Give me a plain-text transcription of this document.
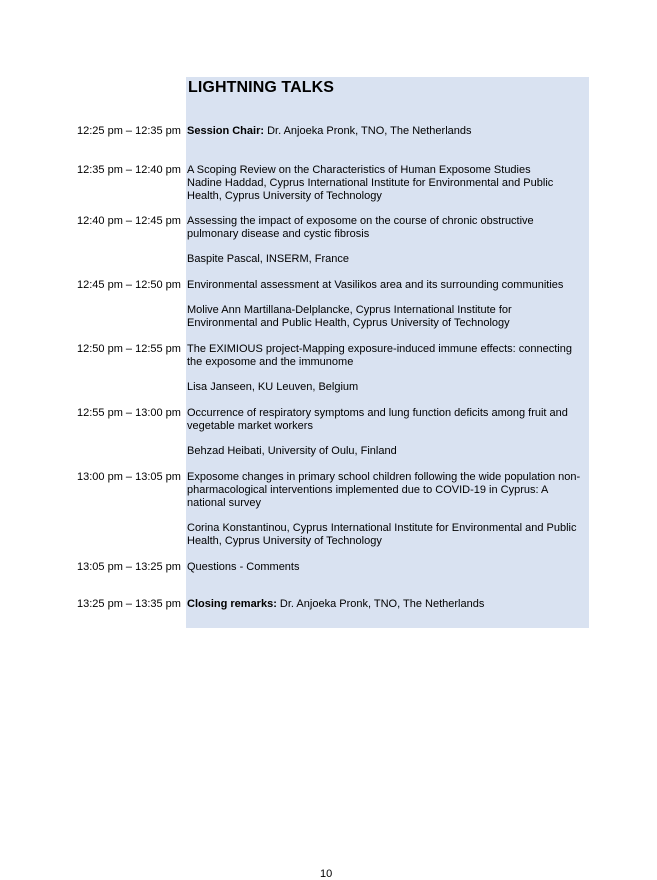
LIGHTNING TALKS
12:25 pm – 12:35 pm Session Chair: Dr. Anjoeka Pronk, TNO, The Netherlands
12:35 pm – 12:40 pm A Scoping Review on the Characteristics of Human Exposome Studies
Nadine Haddad, Cyprus International Institute for Environmental and Public
Health, Cyprus University of Technology
12:40 pm – 12:45 pm Assessing the impact of exposome on the course of chronic obstructive
pulmonary disease and cystic fibrosis
Baspite Pascal, INSERM, France
12:45 pm – 12:50 pm Environmental assessment at Vasilikos area and its surrounding communities
Molive Ann Martillana-Delplancke, Cyprus International Institute for
Environmental and Public Health, Cyprus University of Technology
12:50 pm – 12:55 pm The EXIMIOUS project-Mapping exposure-induced immune effects: connecting
the exposome and the immunome
Lisa Janseen, KU Leuven, Belgium
12:55 pm – 13:00 pm Occurrence of respiratory symptoms and lung function deficits among fruit and
vegetable market workers
Behzad Heibati, University of Oulu, Finland
13:00 pm – 13:05 pm Exposome changes in primary school children following the wide population non-
pharmacological interventions implemented due to COVID-19 in Cyprus: A
national survey
Corina Konstantinou, Cyprus International Institute for Environmental and Public
Health, Cyprus University of Technology
13:05 pm – 13:25 pm Questions - Comments
13:25 pm – 13:35 pm Closing remarks: Dr. Anjoeka Pronk, TNO, The Netherlands
10
